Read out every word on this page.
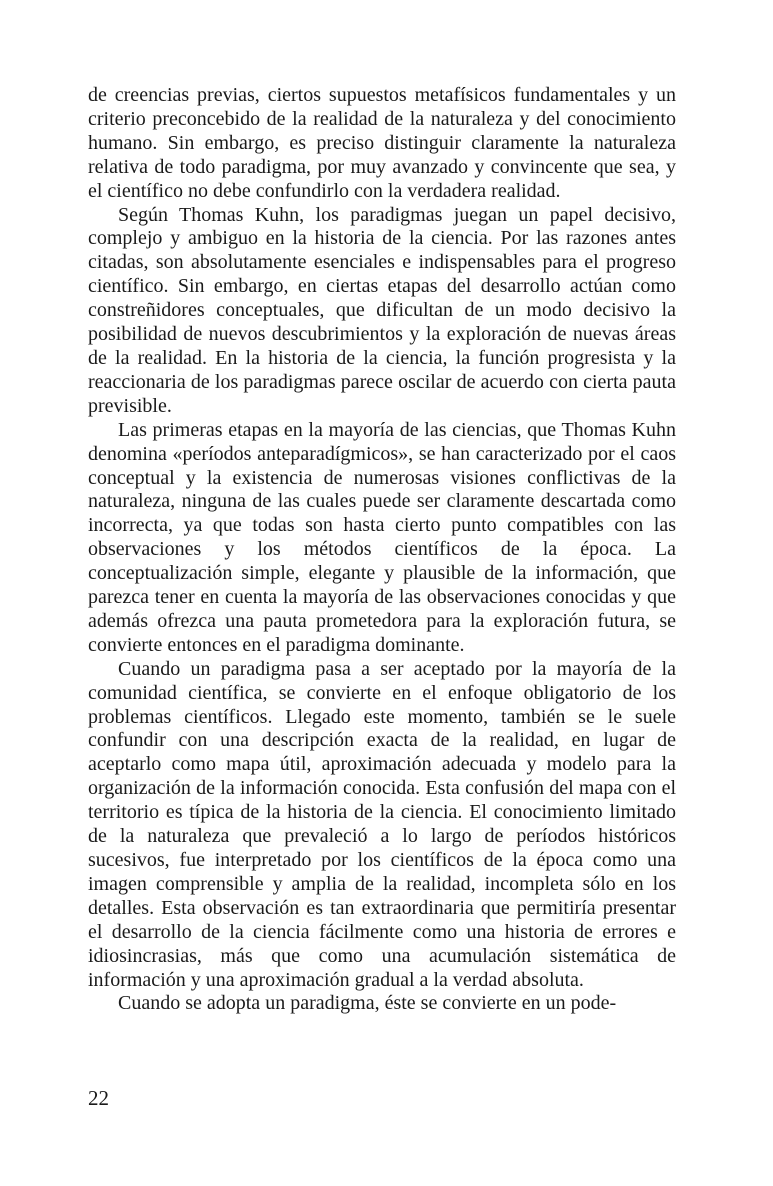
de creencias previas, ciertos supuestos metafísicos fundamentales y un criterio preconcebido de la realidad de la naturaleza y del conocimiento humano. Sin embargo, es preciso distinguir claramente la naturaleza relativa de todo paradigma, por muy avanzado y convincente que sea, y el científico no debe confundirlo con la verdadera realidad.

Según Thomas Kuhn, los paradigmas juegan un papel decisivo, complejo y ambiguo en la historia de la ciencia. Por las razones antes citadas, son absolutamente esenciales e indispensables para el progreso científico. Sin embargo, en ciertas etapas del desarrollo actúan como constreñidores conceptuales, que dificultan de un modo decisivo la posibilidad de nuevos descubrimientos y la exploración de nuevas áreas de la realidad. En la historia de la ciencia, la función progresista y la reaccionaria de los paradigmas parece oscilar de acuerdo con cierta pauta previsible.

Las primeras etapas en la mayoría de las ciencias, que Thomas Kuhn denomina «períodos anteparadígmicos», se han caracterizado por el caos conceptual y la existencia de numerosas visiones conflictivas de la naturaleza, ninguna de las cuales puede ser claramente descartada como incorrecta, ya que todas son hasta cierto punto compatibles con las observaciones y los métodos científicos de la época. La conceptualización simple, elegante y plausible de la información, que parezca tener en cuenta la mayoría de las observaciones conocidas y que además ofrezca una pauta prometedora para la exploración futura, se convierte entonces en el paradigma dominante.

Cuando un paradigma pasa a ser aceptado por la mayoría de la comunidad científica, se convierte en el enfoque obligatorio de los problemas científicos. Llegado este momento, también se le suele confundir con una descripción exacta de la realidad, en lugar de aceptarlo como mapa útil, aproximación adecuada y modelo para la organización de la información conocida. Esta confusión del mapa con el territorio es típica de la historia de la ciencia. El conocimiento limitado de la naturaleza que prevaleció a lo largo de períodos históricos sucesivos, fue interpretado por los científicos de la época como una imagen comprensible y amplia de la realidad, incompleta sólo en los detalles. Esta observación es tan extraordinaria que permitiría presentar el desarrollo de la ciencia fácilmente como una historia de errores e idiosincrasias, más que como una acumulación sistemática de información y una aproximación gradual a la verdad absoluta.

Cuando se adopta un paradigma, éste se convierte en un pode-

22
